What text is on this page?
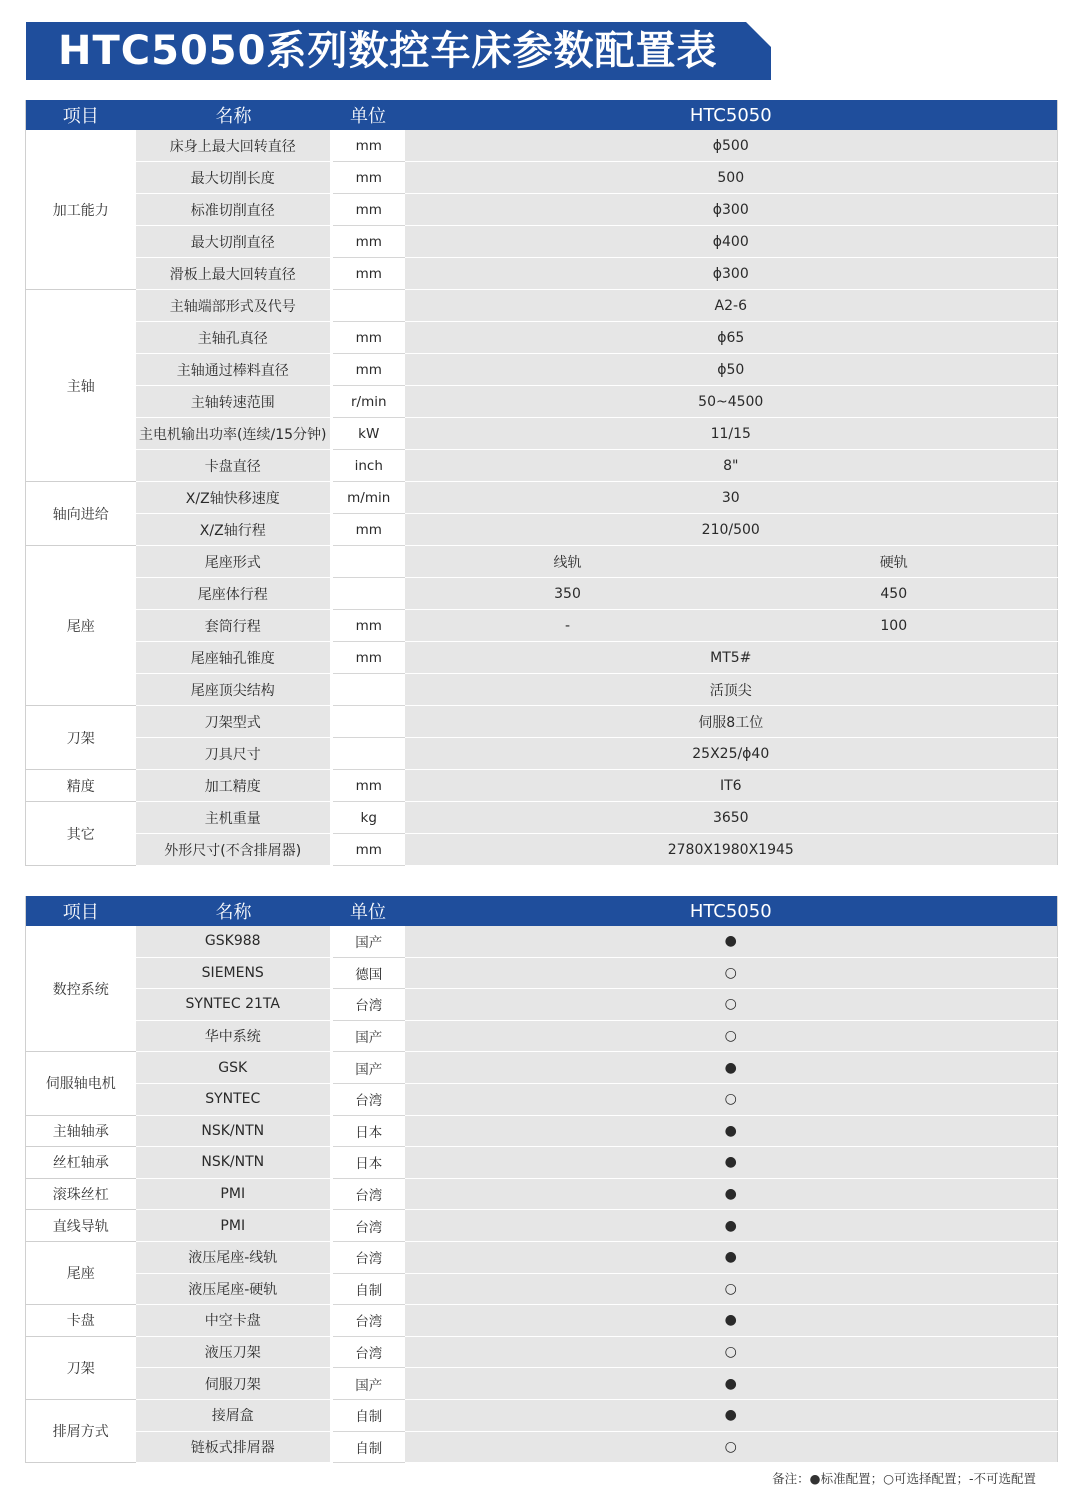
HTC5050系列数控车床参数配置表
项目	名称	单位	HTC5050	
加工能力	床身上最大回转直径	mm	ϕ500	
	最大切削长度	mm	500	
	标准切削直径	mm	ϕ300	
	最大切削直径	mm	ϕ400	
	滑板上最大回转直径	mm	ϕ300	
主轴	主轴端部形式及代号		A2-6	
	主轴孔真径	mm	ϕ65	
	主轴通过棒料直径	mm	ϕ50	
	主轴转速范围	r/min	50~4500	
	主电机输出功率(连续/15分钟)	kW	11/15	
	卡盘直径	inch	8"	
轴向进给	X/Z轴快移速度	m/min	30	
	X/Z轴行程	mm	210/500	
尾座	尾座形式		线轨	硬轨
	尾座体行程		350	450
	套筒行程	mm	-	100
	尾座轴孔锥度	mm	MT5#	
	尾座顶尖结构		活顶尖	
刀架	刀架型式		伺服8工位	
	刀具尺寸		25X25/ϕ40	
精度	加工精度	mm	IT6	
其它	主机重量	kg	3650	
	外形尺寸(不含排屑器)	mm	2780X1980X1945	
项目	名称	单位	HTC5050
数控系统	GSK988	国产	●
	SIEMENS	德国	○
	SYNTEC 21TA	台湾	○
	华中系统	国产	○
伺服轴电机	GSK	国产	●
	SYNTEC	台湾	○
主轴轴承	NSK/NTN	日本	●
丝杠轴承	NSK/NTN	日本	●
滚珠丝杠	PMI	台湾	●
直线导轨	PMI	台湾	●
尾座	液压尾座-线轨	台湾	●
	液压尾座-硬轨	自制	○
卡盘	中空卡盘	台湾	●
刀架	液压刀架	台湾	○
	伺服刀架	国产	●
排屑方式	接屑盒	自制	●
	链板式排屑器	自制	○
备注：●标准配置；○可选择配置；-不可选配置
